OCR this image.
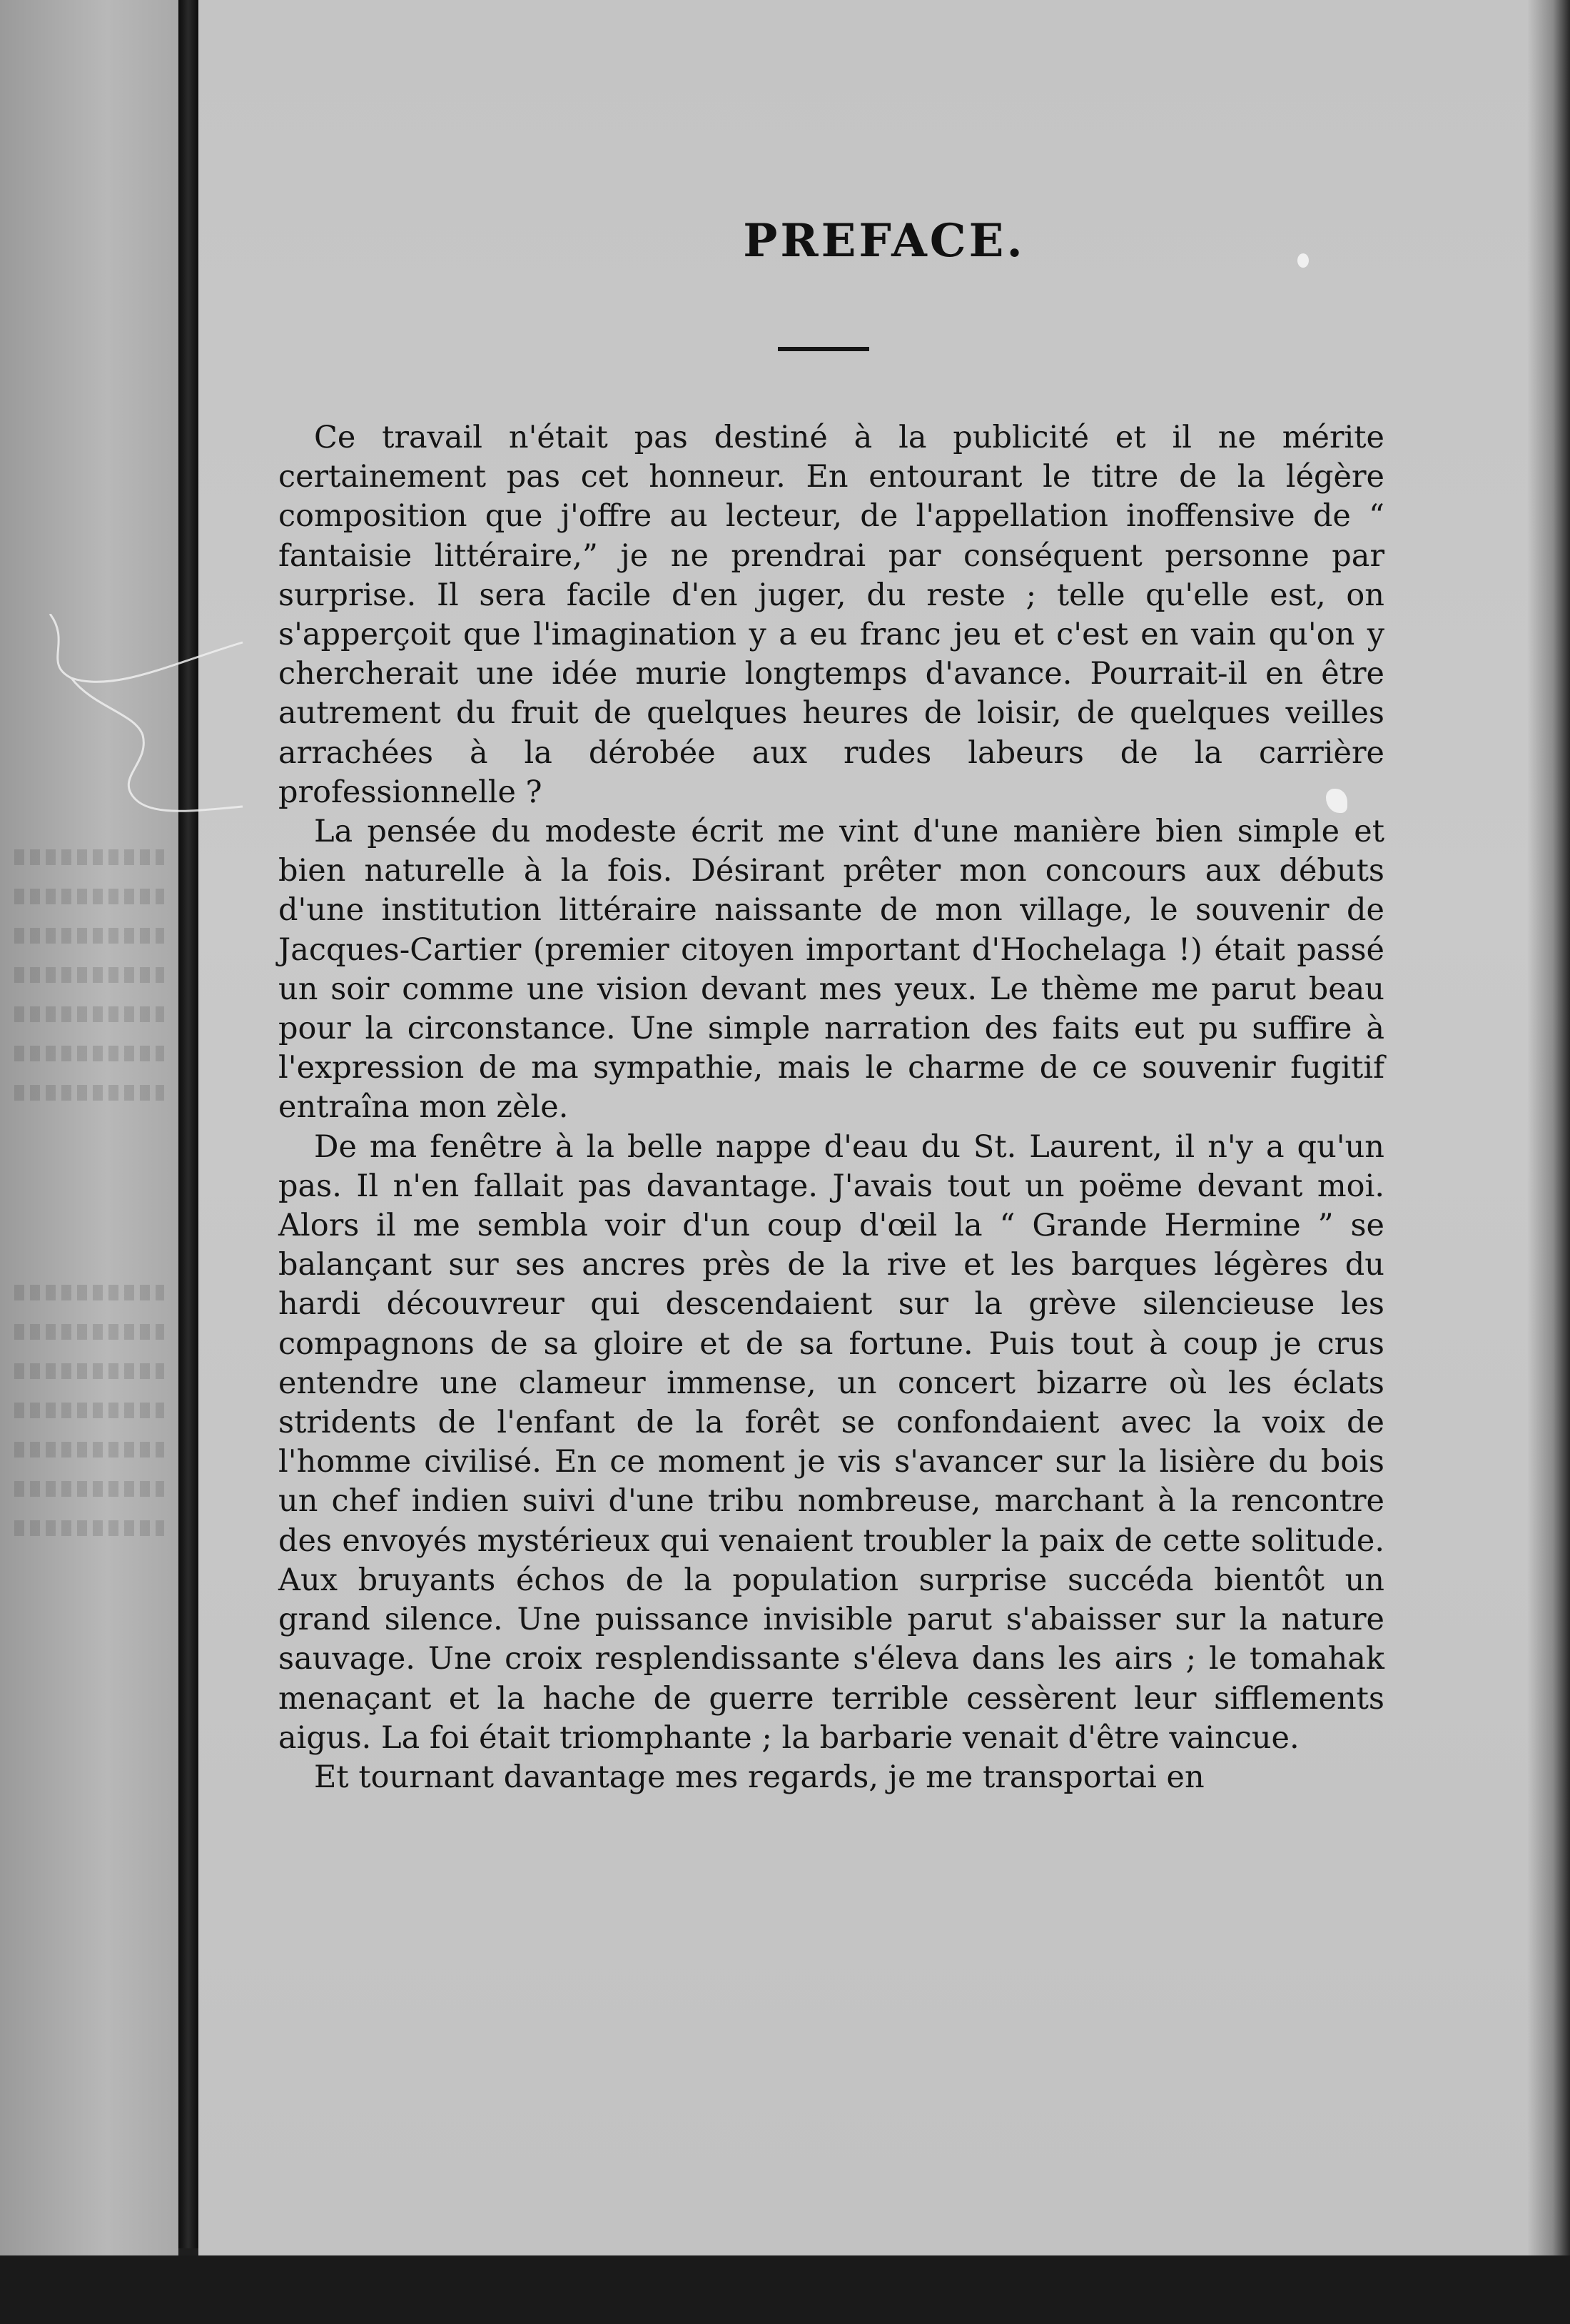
PREFACE.

Ce travail n'était pas destiné à la publicité et il ne mérite certainement pas cet honneur. En entourant le titre de la légère composition que j'offre au lecteur, de l'appellation inoffensive de “ fantaisie littéraire,” je ne prendrai par conséquent personne par surprise. Il sera facile d'en juger, du reste ; telle qu'elle est, on s'apperçoit que l'imagination y a eu franc jeu et c'est en vain qu'on y chercherait une idée murie longtemps d'avance. Pourrait-il en être autrement du fruit de quelques heures de loisir, de quelques veilles arrachées à la dérobée aux rudes labeurs de la carrière professionnelle ?

La pensée du modeste écrit me vint d'une manière bien simple et bien naturelle à la fois. Désirant prêter mon concours aux débuts d'une institution littéraire naissante de mon village, le souvenir de Jacques-Cartier (premier citoyen important d'Hochelaga !) était passé un soir comme une vision devant mes yeux. Le thème me parut beau pour la circonstance. Une simple narration des faits eut pu suffire à l'expression de ma sympathie, mais le charme de ce souvenir fugitif entraîna mon zèle.

De ma fenêtre à la belle nappe d'eau du St. Laurent, il n'y a qu'un pas. Il n'en fallait pas davantage. J'avais tout un poëme devant moi. Alors il me sembla voir d'un coup d'œil la “ Grande Hermine ” se balançant sur ses ancres près de la rive et les barques légères du hardi découvreur qui descendaient sur la grève silencieuse les compagnons de sa gloire et de sa fortune. Puis tout à coup je crus entendre une clameur immense, un concert bizarre où les éclats stridents de l'enfant de la forêt se confondaient avec la voix de l'homme civilisé. En ce moment je vis s'avancer sur la lisière du bois un chef indien suivi d'une tribu nombreuse, marchant à la rencontre des envoyés mystérieux qui venaient troubler la paix de cette solitude. Aux bruyants échos de la population surprise succéda bientôt un grand silence. Une puissance invisible parut s'abaisser sur la nature sauvage. Une croix resplendissante s'éleva dans les airs ; le tomahak menaçant et la hache de guerre terrible cessèrent leur sifflements aigus. La foi était triomphante ; la barbarie venait d'être vaincue.

Et tournant davantage mes regards, je me transportai en
